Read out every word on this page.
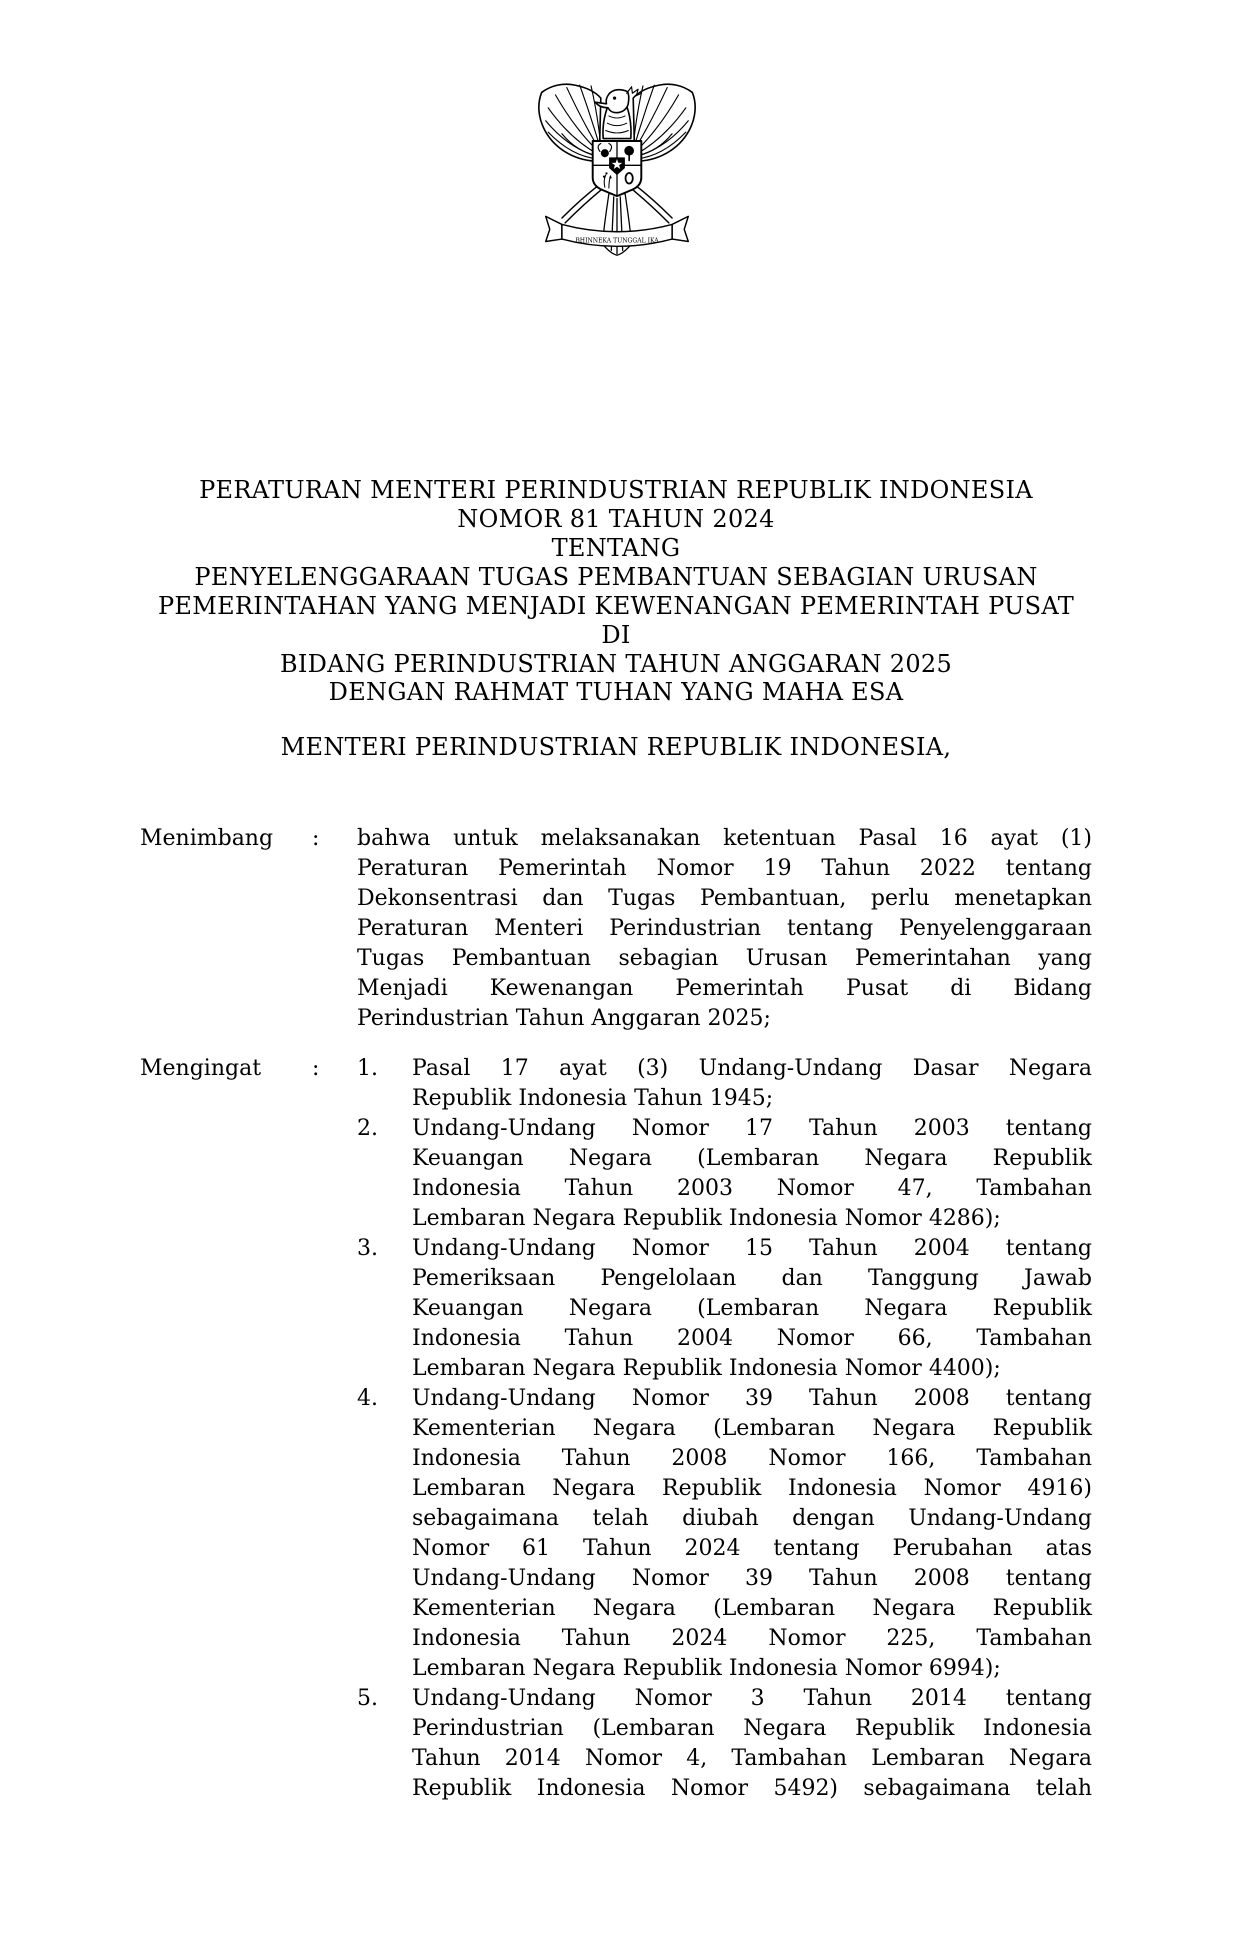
BHINNEKA TUNGGAL IKA
PERATURAN MENTERI PERINDUSTRIAN REPUBLIK INDONESIA
NOMOR 81 TAHUN 2024
TENTANG
PENYELENGGARAAN TUGAS PEMBANTUAN SEBAGIAN URUSAN
PEMERINTAHAN YANG MENJADI KEWENANGAN PEMERINTAH PUSAT DI
BIDANG PERINDUSTRIAN TAHUN ANGGARAN 2025
DENGAN RAHMAT TUHAN YANG MAHA ESA
MENTERI PERINDUSTRIAN REPUBLIK INDONESIA,
Menimbang	:	bahwa untuk melaksanakan ketentuan Pasal 16 ayat (1)
Peraturan Pemerintah Nomor 19 Tahun 2022 tentang
Dekonsentrasi dan Tugas Pembantuan, perlu menetapkan
Peraturan Menteri Perindustrian tentang Penyelenggaraan
Tugas Pembantuan sebagian Urusan Pemerintahan yang
Menjadi Kewenangan Pemerintah Pusat di Bidang
Perindustrian Tahun Anggaran 2025;
Mengingat	:	1.	Pasal 17 ayat (3) Undang-Undang Dasar Negara
Republik Indonesia Tahun 1945;
2.	Undang-Undang Nomor 17 Tahun 2003 tentang
Keuangan Negara (Lembaran Negara Republik
Indonesia Tahun 2003 Nomor 47, Tambahan
Lembaran Negara Republik Indonesia Nomor 4286);
3.	Undang-Undang Nomor 15 Tahun 2004 tentang
Pemeriksaan Pengelolaan dan Tanggung Jawab
Keuangan Negara (Lembaran Negara Republik
Indonesia Tahun 2004 Nomor 66, Tambahan
Lembaran Negara Republik Indonesia Nomor 4400);
4.	Undang-Undang Nomor 39 Tahun 2008 tentang
Kementerian Negara (Lembaran Negara Republik
Indonesia Tahun 2008 Nomor 166, Tambahan
Lembaran Negara Republik Indonesia Nomor 4916)
sebagaimana telah diubah dengan Undang-Undang
Nomor 61 Tahun 2024 tentang Perubahan atas
Undang-Undang Nomor 39 Tahun 2008 tentang
Kementerian Negara (Lembaran Negara Republik
Indonesia Tahun 2024 Nomor 225, Tambahan
Lembaran Negara Republik Indonesia Nomor 6994);
5.	Undang-Undang Nomor 3 Tahun 2014 tentang
Perindustrian (Lembaran Negara Republik Indonesia
Tahun 2014 Nomor 4, Tambahan Lembaran Negara
Republik Indonesia Nomor 5492) sebagaimana telah
